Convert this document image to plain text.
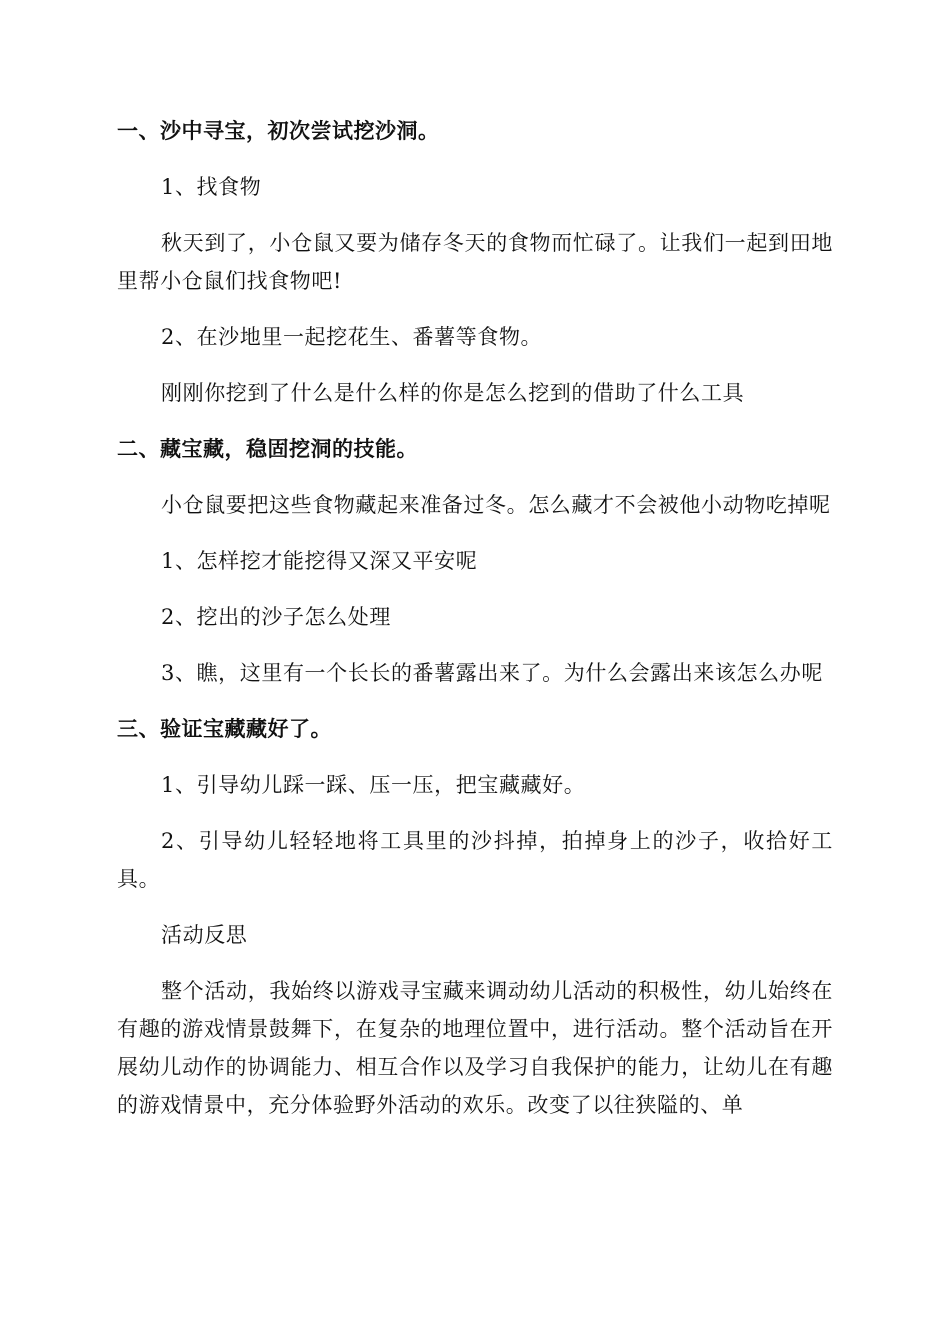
一、沙中寻宝，初次尝试挖沙洞。

1、找食物

秋天到了，小仓鼠又要为储存冬天的食物而忙碌了。让我们一起到田地里帮小仓鼠们找食物吧!

2、在沙地里一起挖花生、番薯等食物。

刚刚你挖到了什么是什么样的你是怎么挖到的借助了什么工具

二、藏宝藏，稳固挖洞的技能。

小仓鼠要把这些食物藏起来准备过冬。怎么藏才不会被他小动物吃掉呢

1、怎样挖才能挖得又深又平安呢

2、挖出的沙子怎么处理

3、瞧，这里有一个长长的番薯露出来了。为什么会露出来该怎么办呢

三、验证宝藏藏好了。

1、引导幼儿踩一踩、压一压，把宝藏藏好。

2、引导幼儿轻轻地将工具里的沙抖掉，拍掉身上的沙子，收拾好工具。

活动反思

整个活动，我始终以游戏寻宝藏来调动幼儿活动的积极性，幼儿始终在有趣的游戏情景鼓舞下，在复杂的地理位置中，进行活动。整个活动旨在开展幼儿动作的协调能力、相互合作以及学习自我保护的能力，让幼儿在有趣的游戏情景中，充分体验野外活动的欢乐。改变了以往狭隘的、单
